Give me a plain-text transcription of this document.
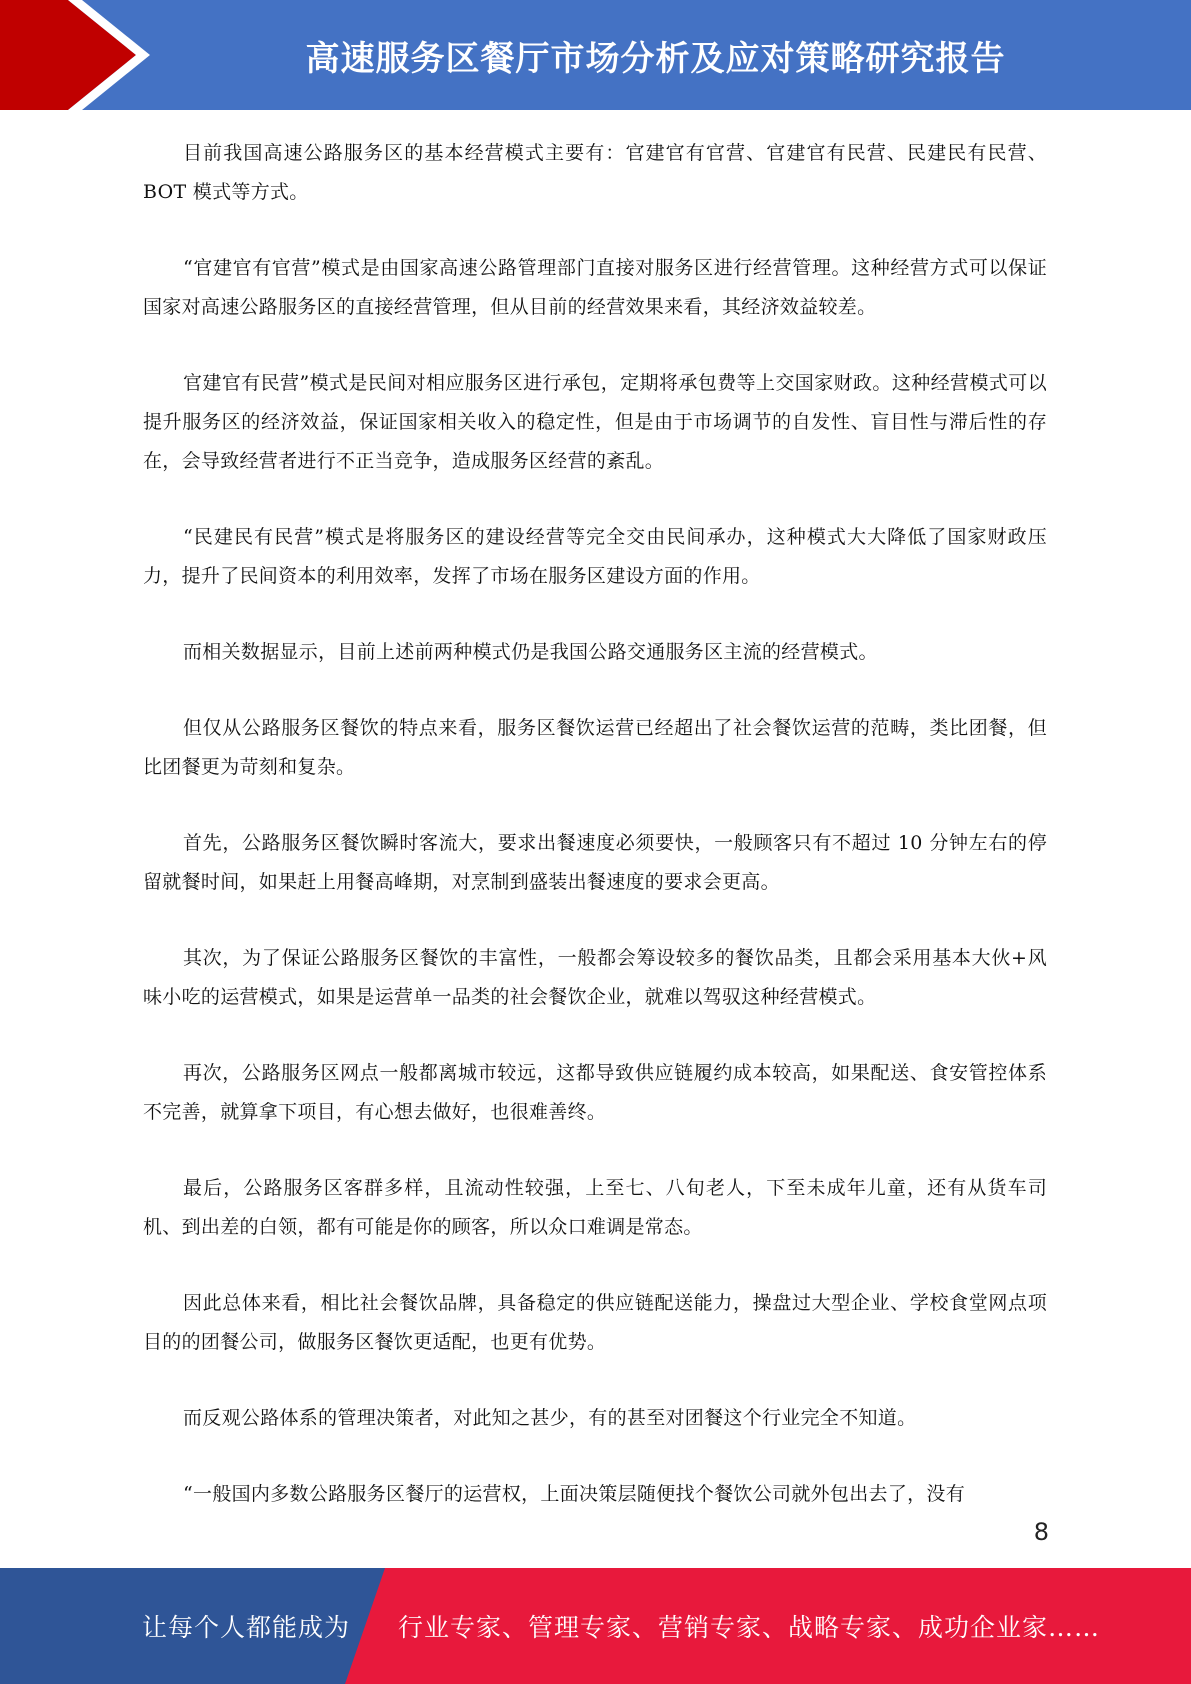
高速服务区餐厅市场分析及应对策略研究报告

目前我国高速公路服务区的基本经营模式主要有：官建官有官营、官建官有民营、民建民有民营、BOT 模式等方式。

“官建官有官营”模式是由国家高速公路管理部门直接对服务区进行经营管理。这种经营方式可以保证国家对高速公路服务区的直接经营管理，但从目前的经营效果来看，其经济效益较差。

官建官有民营”模式是民间对相应服务区进行承包，定期将承包费等上交国家财政。这种经营模式可以提升服务区的经济效益，保证国家相关收入的稳定性，但是由于市场调节的自发性、盲目性与滞后性的存在，会导致经营者进行不正当竞争，造成服务区经营的紊乱。

“民建民有民营”模式是将服务区的建设经营等完全交由民间承办，这种模式大大降低了国家财政压力，提升了民间资本的利用效率，发挥了市场在服务区建设方面的作用。

而相关数据显示，目前上述前两种模式仍是我国公路交通服务区主流的经营模式。

但仅从公路服务区餐饮的特点来看，服务区餐饮运营已经超出了社会餐饮运营的范畴，类比团餐，但比团餐更为苛刻和复杂。

首先，公路服务区餐饮瞬时客流大，要求出餐速度必须要快，一般顾客只有不超过 10 分钟左右的停留就餐时间，如果赶上用餐高峰期，对烹制到盛装出餐速度的要求会更高。

其次，为了保证公路服务区餐饮的丰富性，一般都会筹设较多的餐饮品类，且都会采用基本大伙+风味小吃的运营模式，如果是运营单一品类的社会餐饮企业，就难以驾驭这种经营模式。

再次，公路服务区网点一般都离城市较远，这都导致供应链履约成本较高，如果配送、食安管控体系不完善，就算拿下项目，有心想去做好，也很难善终。

最后，公路服务区客群多样，且流动性较强，上至七、八旬老人，下至未成年儿童，还有从货车司机、到出差的白领，都有可能是你的顾客，所以众口难调是常态。

因此总体来看，相比社会餐饮品牌，具备稳定的供应链配送能力，操盘过大型企业、学校食堂网点项目的的团餐公司，做服务区餐饮更适配，也更有优势。

而反观公路体系的管理决策者，对此知之甚少，有的甚至对团餐这个行业完全不知道。

“一般国内多数公路服务区餐厅的运营权，上面决策层随便找个餐饮公司就外包出去了，没有

8
让每个人都能成为 行业专家、管理专家、营销专家、战略专家、成功企业家……
